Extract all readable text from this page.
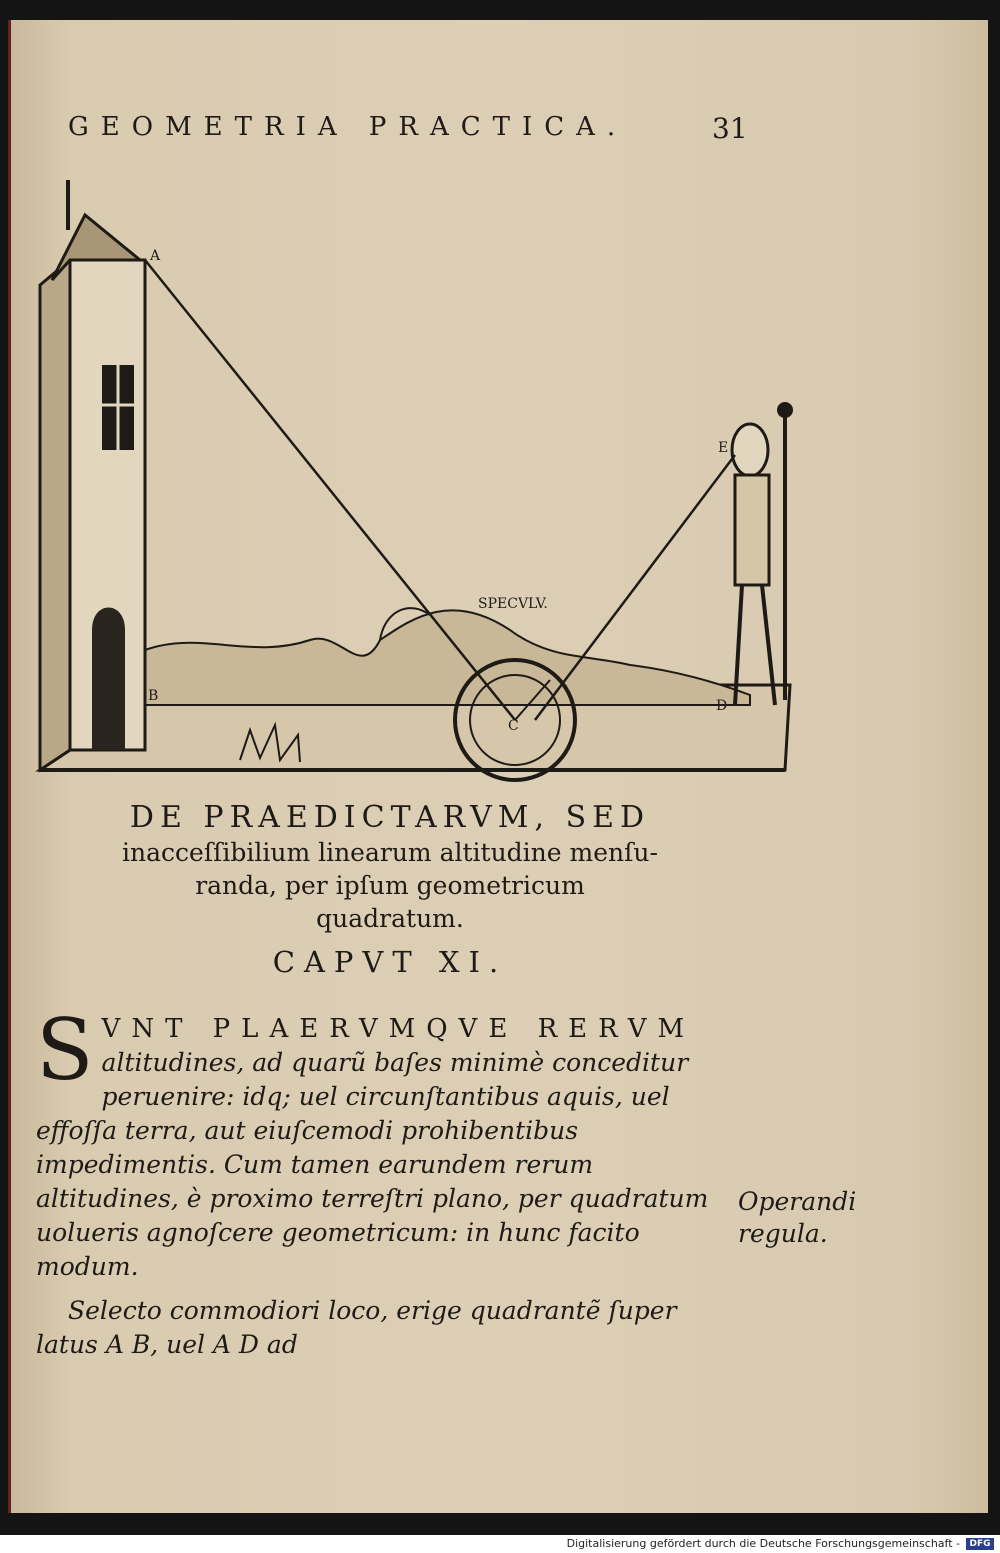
GEOMETRIA PRACTICA.	31
A
B
C
D
E
SPECVLV.
DE PRAEDICTARVM, SED
inacceſſibilium linearum altitudine menſu-
randa, per ipſum geometricum
quadratum.
CAPVT XI.
S VNT PLAERVMQVE RERVM
altitudines, ad quarũ baſes minimè conceditur peruenire: idq; uel circunſtantibus aquis, uel effoſſa terra, aut eiuſcemodi prohibentibus impedimentis. Cum tamen earundem rerum altitudines, è proximo terreſtri plano, per quadratum uolueris agnoſcere geometricum: in hunc facito modum.
Selecto commodiori loco, erige quadrantẽ ſuper latus A B, uel A D ad
Operandi
regula.
Digitalisierung gefördert durch die Deutsche Forschungsgemeinschaft -	DFG
